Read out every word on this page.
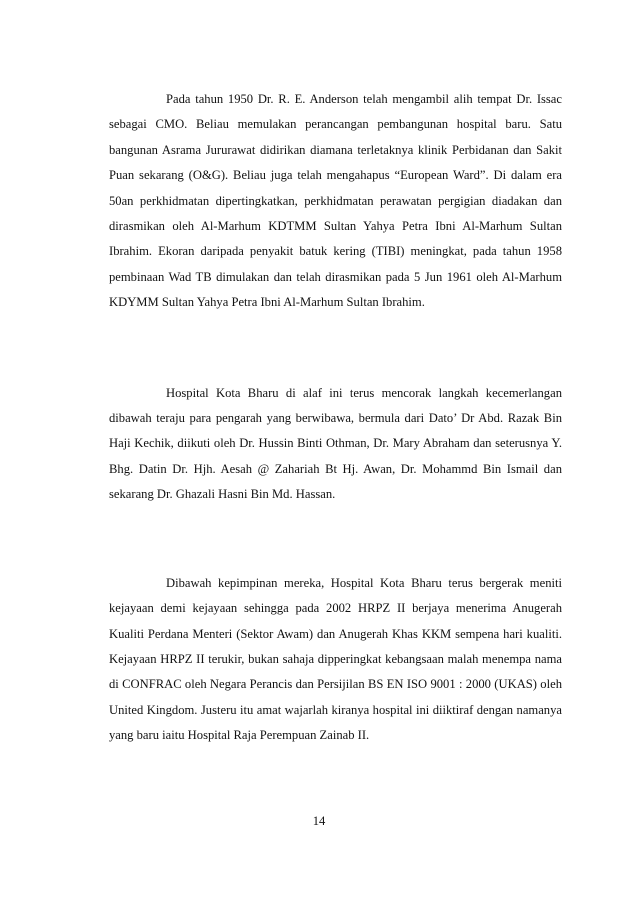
Pada tahun 1950 Dr. R. E. Anderson telah mengambil alih tempat Dr. Issac sebagai CMO. Beliau memulakan perancangan pembangunan hospital baru. Satu bangunan Asrama Jururawat didirikan diamana terletaknya klinik Perbidanan dan Sakit Puan sekarang (O&G). Beliau juga telah mengahapus “European Ward”. Di dalam era 50an perkhidmatan dipertingkatkan, perkhidmatan perawatan pergigian diadakan dan dirasmikan oleh Al-Marhum KDTMM Sultan Yahya Petra Ibni Al-Marhum Sultan Ibrahim. Ekoran daripada penyakit batuk kering (TIBI) meningkat, pada tahun 1958 pembinaan Wad TB dimulakan dan telah dirasmikan pada 5 Jun 1961 oleh Al-Marhum KDYMM Sultan Yahya Petra Ibni Al-Marhum Sultan Ibrahim.

Hospital Kota Bharu di alaf ini terus mencorak langkah kecemerlangan dibawah teraju para pengarah yang berwibawa, bermula dari Dato’ Dr Abd. Razak Bin Haji Kechik, diikuti oleh Dr. Hussin Binti Othman, Dr. Mary Abraham dan seterusnya Y. Bhg. Datin Dr. Hjh. Aesah @ Zahariah Bt Hj. Awan, Dr. Mohammd Bin Ismail dan sekarang Dr. Ghazali Hasni Bin Md. Hassan.

Dibawah kepimpinan mereka, Hospital Kota Bharu terus bergerak meniti kejayaan demi kejayaan sehingga pada 2002 HRPZ II berjaya menerima Anugerah Kualiti Perdana Menteri (Sektor Awam) dan Anugerah Khas KKM sempena hari kualiti. Kejayaan HRPZ II terukir, bukan sahaja dipperingkat kebangsaan malah menempa nama di CONFRAC oleh Negara Perancis dan Persijilan BS EN ISO 9001 : 2000 (UKAS) oleh United Kingdom. Justeru itu amat wajarlah kiranya hospital ini diiktiraf dengan namanya yang baru iaitu Hospital Raja Perempuan Zainab II.

14
